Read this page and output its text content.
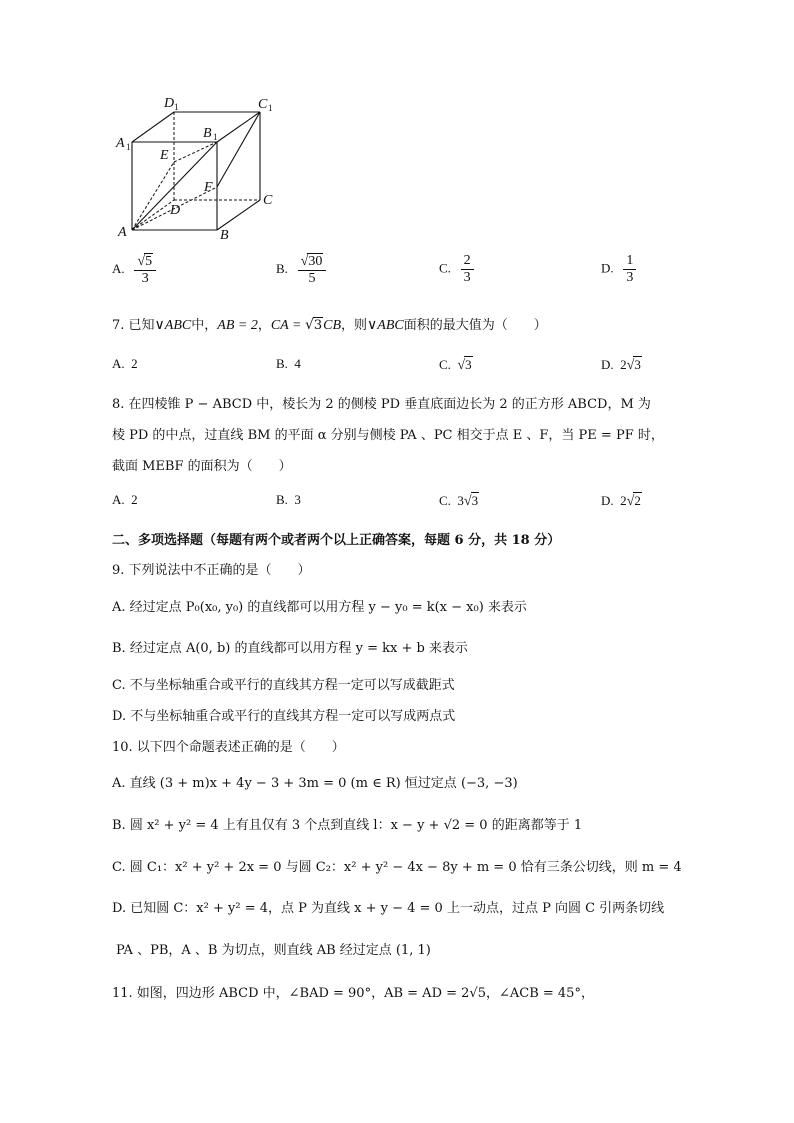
A	B
C
D
A 1
B 1
C 1
D 1
E
F
A. $\frac{√5}{3}$	B. $\frac{√30}{5}$	C. $\frac{2}{3}$	D. $\frac{1}{3}$
7. 已知∨ABC中，AB = 2，CA = √3CB，则∨ABC面积的最大值为（　　）
A. 2	B. 4	C. √3	D. 2√3
8. 在四棱锥 P − ABCD 中，棱长为 2 的侧棱 PD 垂直底面边长为 2 的正方形 ABCD，M 为
棱 PD 的中点，过直线 BM 的平面 α 分别与侧棱 PA 、PC 相交于点 E 、F，当 PE = PF 时，
截面 MEBF 的面积为（　　）
A. 2	B. 3	C. 3√3	D. 2√2
二、多项选择题（每题有两个或者两个以上正确答案，每题 6 分，共 18 分）
9. 下列说法中不正确的是（　　）
A. 经过定点 P₀(x₀, y₀) 的直线都可以用方程 y − y₀ = k(x − x₀) 来表示
B. 经过定点 A(0, b) 的直线都可以用方程 y = kx + b 来表示
C. 不与坐标轴重合或平行的直线其方程一定可以写成截距式
D. 不与坐标轴重合或平行的直线其方程一定可以写成两点式
10. 以下四个命题表述正确的是（　　）
A. 直线 (3 + m)x + 4y − 3 + 3m = 0 (m ∈ R) 恒过定点 (−3, −3)
B. 圆 x² + y² = 4 上有且仅有 3 个点到直线 l：x − y + √2 = 0 的距离都等于 1
C. 圆 C₁：x² + y² + 2x = 0 与圆 C₂：x² + y² − 4x − 8y + m = 0 恰有三条公切线，则 m = 4
D. 已知圆 C：x² + y² = 4，点 P 为直线 x + y − 4 = 0 上一动点，过点 P 向圆 C 引两条切线
PA 、PB，A 、B 为切点，则直线 AB 经过定点 (1, 1)
11. 如图，四边形 ABCD 中，∠BAD = 90°，AB = AD = 2√5，∠ACB = 45°，
